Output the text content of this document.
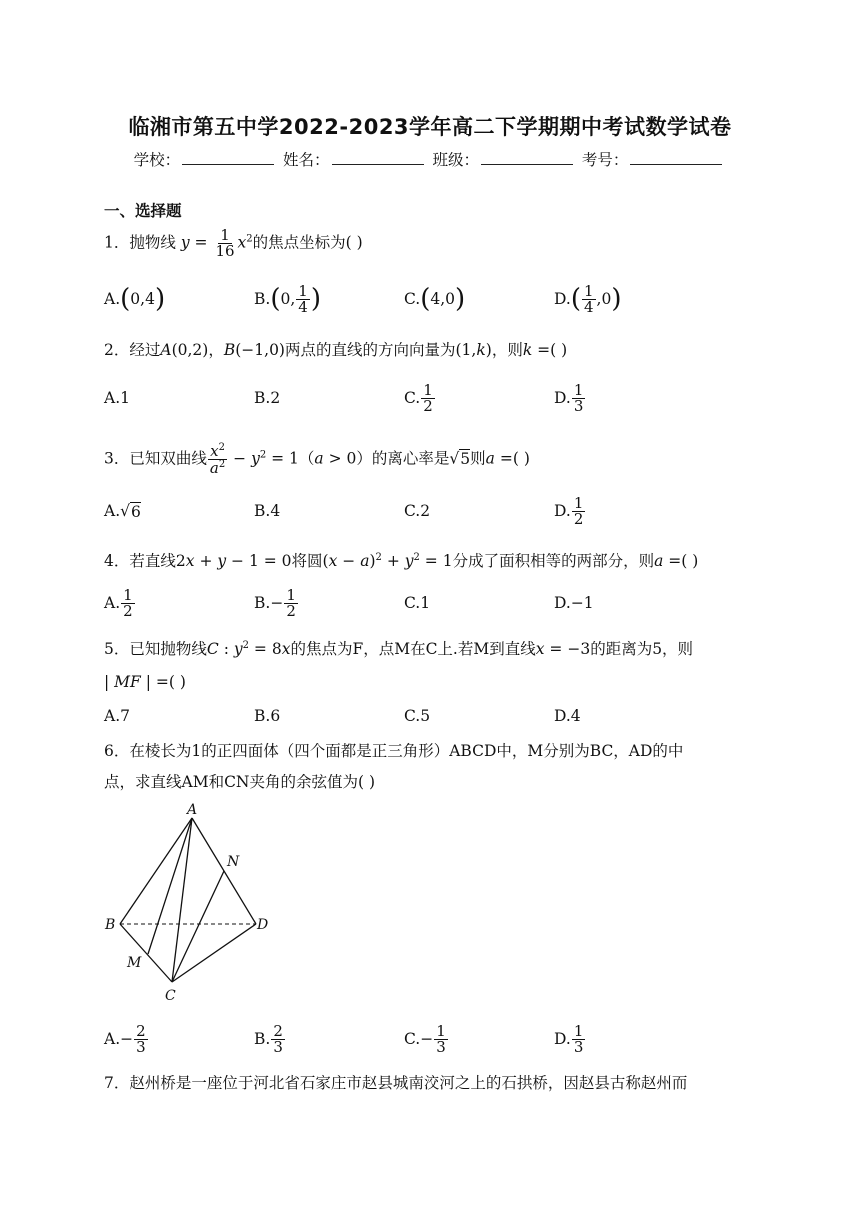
临湘市第五中学2022-2023学年高二下学期期中考试数学试卷
学校：	姓名：	班级：	考号：
一、选择题
1．抛物线 $y = \frac{1}{16} x^2$的焦点坐标为( )
A. ( 0,4 )	B. ( 0, $\frac{1}{4}$ )	C. ( 4,0 )	D. ( $\frac{1}{4} ,0$ )
2．经过A(0,2)，B(−1,0)两点的直线的方向向量为(1,k)，则k =( )
A.1	B.2	C. $\frac{1}{2}$	D. $\frac{1}{3}$
3．已知双曲线 $\frac{x^2}{a^2} - y^2 = 1(a > 0)$的离心率是√5则a =( )
A. √ 6	B.4	C.2	D. $\frac{1}{2}$
4．若直线2x + y − 1 = 0将圆$(x - a)^2 + y^2 = 1$分成了面积相等的两部分，则a =( )
A. $\frac{1}{2}$	B. − $\frac{1}{2}$	C.1	D. −1
5．已知抛物线C : $y^2 = 8x$的焦点为F，点M在C上.若M到直线x = −3的距离为5，则
| MF | =( )
A.7	B.6	C.5	D.4
6．在棱长为1的正四面体（四个面都是正三角形）ABCD中，M分别为BC，AD的中
点，求直线AM和CN夹角的余弦值为( )
A
N
B	D
M
C
A. − $\frac{2}{3}$	B. $\frac{2}{3}$	C. − $\frac{1}{3}$	D. $\frac{1}{3}$
7．赵州桥是一座位于河北省石家庄市赵县城南洨河之上的石拱桥，因赵县古称赵州而
